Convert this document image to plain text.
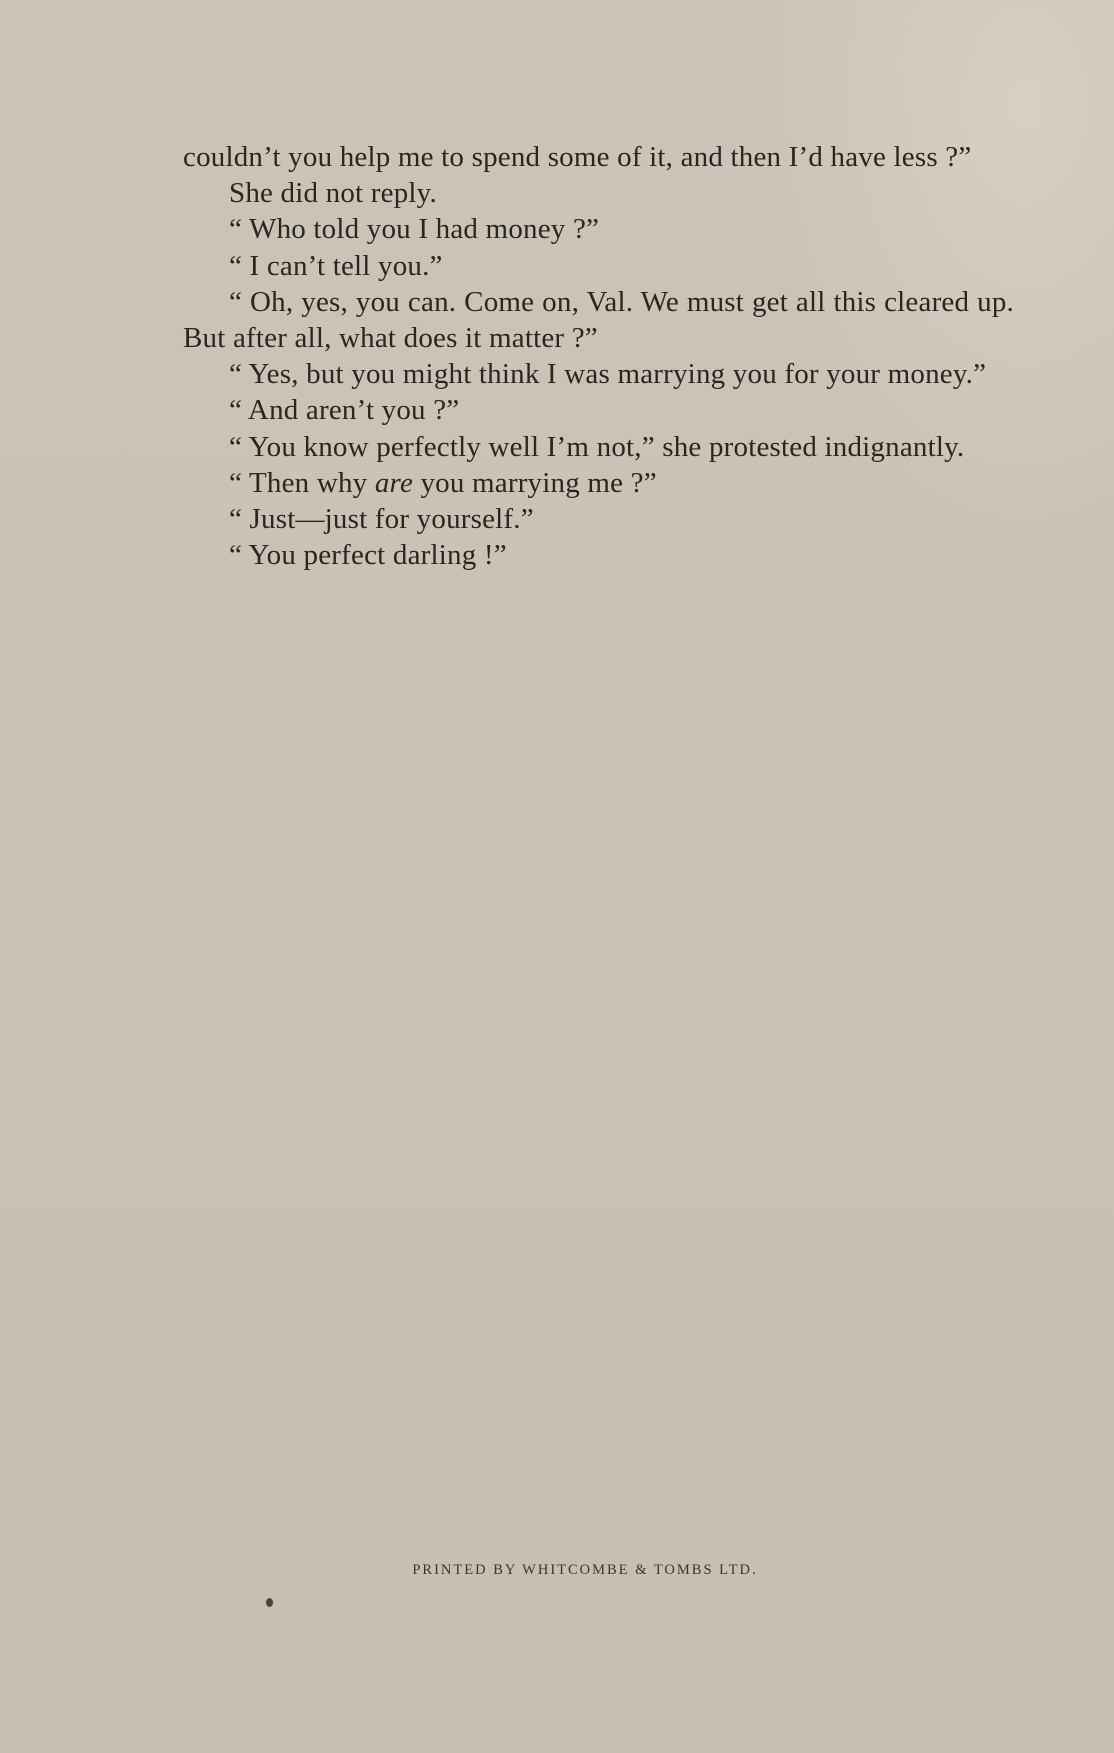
couldn’t you help me to spend some of it, and then I’d have less ?”

She did not reply.

“ Who told you I had money ?”

“ I can’t tell you.”

“ Oh, yes, you can. Come on, Val. We must get all this cleared up. But after all, what does it matter ?”

“ Yes, but you might think I was marrying you for your money.”

“ And aren’t you ?”

“ You know perfectly well I’m not,” she protested indignantly.

“ Then why are you marrying me ?”

“ Just—just for yourself.”

“ You perfect darling !”

PRINTED BY WHITCOMBE & TOMBS LTD.
